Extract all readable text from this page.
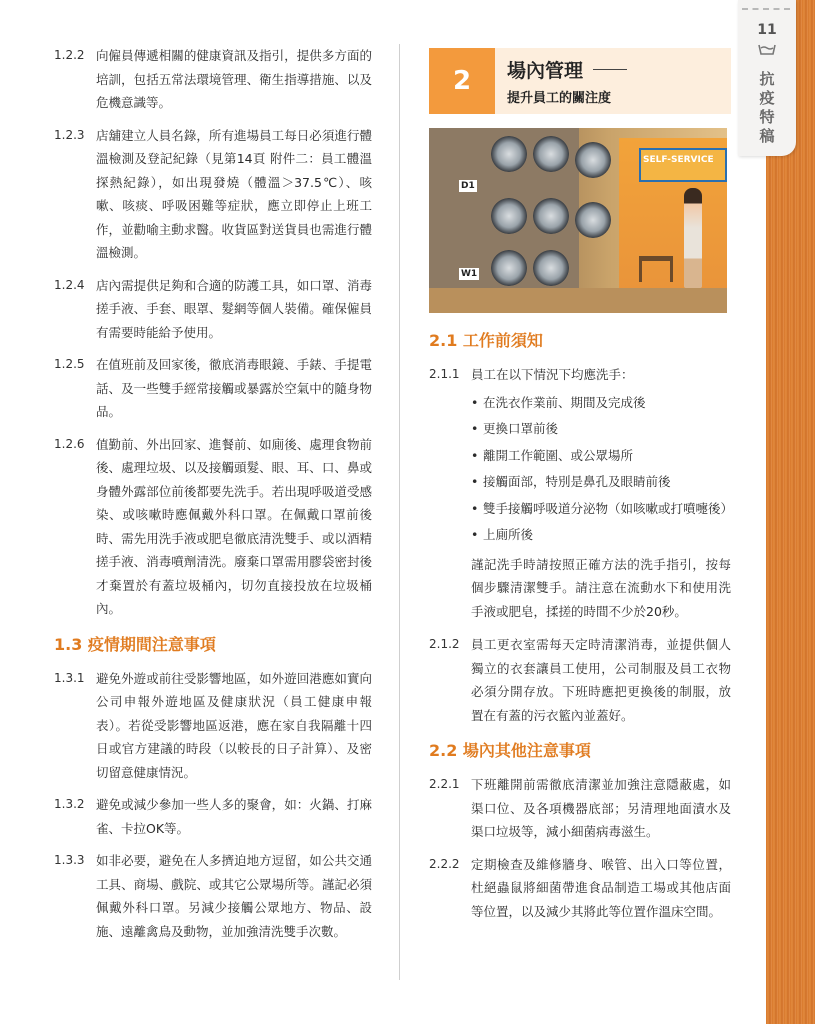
11
抗
疫
特
稿
1.2.2 向僱員傳遞相關的健康資訊及指引，提供多方面的培訓，包括五常法環境管理、衛生指導措施、以及危機意識等。
1.2.3 店舖建立人員名錄，所有進場員工每日必須進行體溫檢測及登記紀錄（見第14頁 附件二：員工體溫探熱紀錄），如出現發燒（體溫＞37.5℃）、咳嗽、咳痰、呼吸困難等症狀，應立即停止上班工作，並勸喻主動求醫。收貨區對送貨員也需進行體溫檢測。
1.2.4 店內需提供足夠和合適的防護工具，如口罩、消毒搓手液、手套、眼罩、髮網等個人裝備。確保僱員有需要時能給予使用。
1.2.5 在值班前及回家後，徹底消毒眼鏡、手錶、手提電話、及一些雙手經常接觸或暴露於空氣中的隨身物品。
1.2.6 值勤前、外出回家、進餐前、如廁後、處理食物前後、處理垃圾、以及接觸頭髮、眼、耳、口、鼻或身體外露部位前後都要先洗手。若出現呼吸道受感染、或咳嗽時應佩戴外科口罩。在佩戴口罩前後時、需先用洗手液或肥皂徹底清洗雙手、或以酒精搓手液、消毒噴劑清洗。廢棄口罩需用膠袋密封後才棄置於有蓋垃圾桶內，切勿直接投放在垃圾桶內。
1.3 疫情期間注意事項
1.3.1 避免外遊或前往受影響地區，如外遊回港應如實向公司申報外遊地區及健康狀況（員工健康申報表）。若從受影響地區返港，應在家自我隔離十四日或官方建議的時段（以較長的日子計算）、及密切留意健康情況。
1.3.2 避免或減少參加一些人多的聚會，如：火鍋、打麻雀、卡拉OK等。
1.3.3 如非必要，避免在人多擠迫地方逗留，如公共交通工具、商場、戲院、或其它公眾場所等。謹記必須佩戴外科口罩。另減少接觸公眾地方、物品、設施、遠離禽鳥及動物，並加強清洗雙手次數。
2	場內管理
提升員工的關注度
SELF-SERVICE
D1
W1
2.1 工作前須知
2.1.1 員工在以下情況下均應洗手：
• 在洗衣作業前、期間及完成後
• 更換口罩前後
• 離開工作範圍、或公眾場所
• 接觸面部，特別是鼻孔及眼睛前後
• 雙手接觸呼吸道分泌物（如咳嗽或打噴嚏後）
• 上廁所後
謹記洗手時請按照正確方法的洗手指引，按每個步驟清潔雙手。請注意在流動水下和使用洗手液或肥皂，揉搓的時間不少於20秒。
2.1.2 員工更衣室需每天定時清潔消毒，並提供個人獨立的衣套讓員工使用，公司制服及員工衣物必須分開存放。下班時應把更換後的制服，放置在有蓋的污衣籃內並蓋好。
2.2 場內其他注意事項
2.2.1 下班離開前需徹底清潔並加強注意隱蔽處，如渠口位、及各項機器底部；另清理地面漬水及渠口垃圾等，減小細菌病毒滋生。
2.2.2 定期檢查及維修牆身、喉管、出入口等位置，杜絕蟲鼠將細菌帶進食品制造工場或其他店面等位置，以及減少其將此等位置作溫床空間。
